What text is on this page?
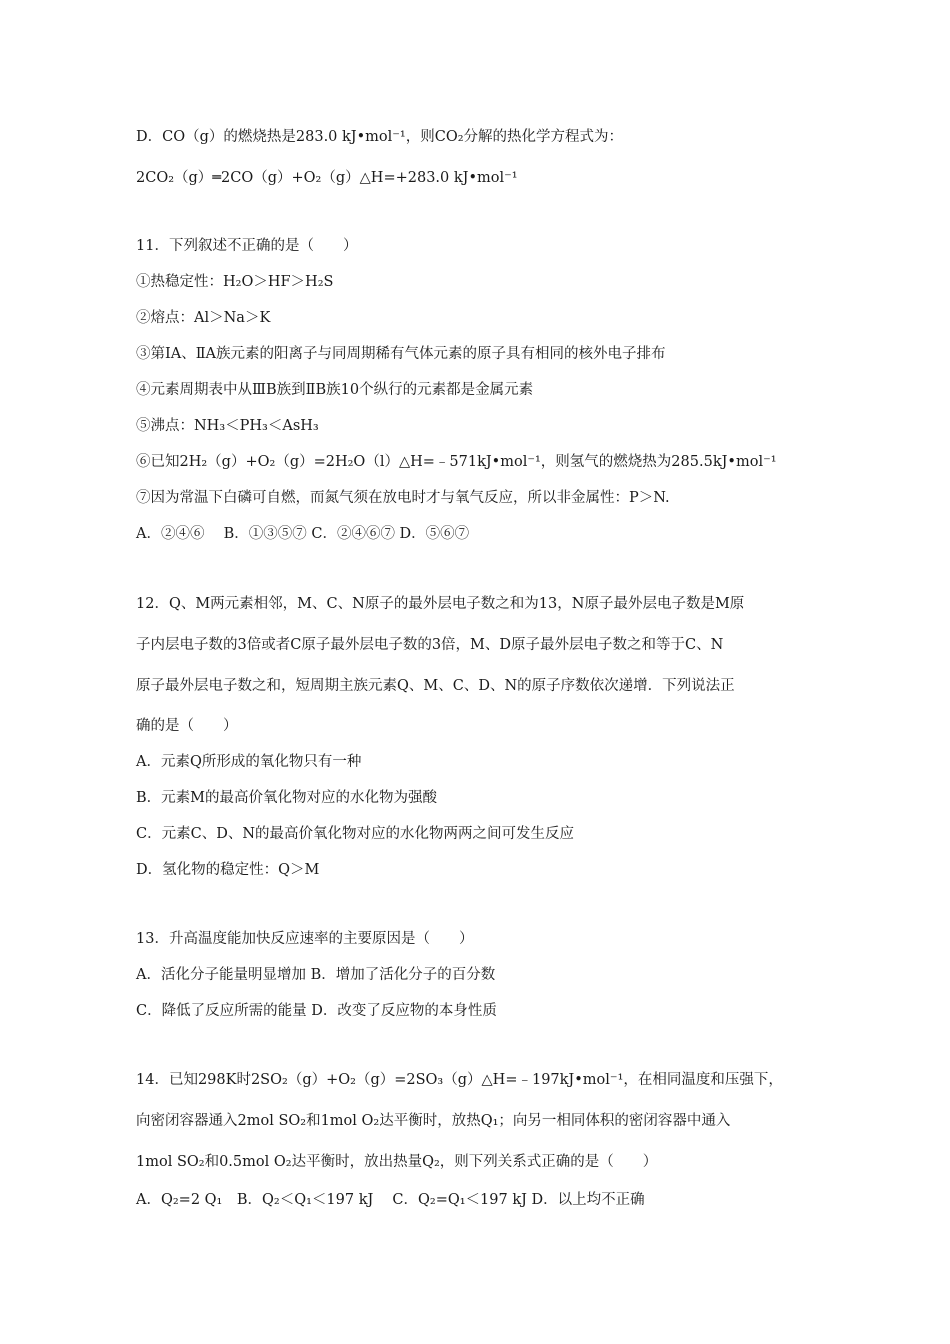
D．CO（g）的燃烧热是283.0 kJ•mol⁻¹，则CO₂分解的热化学方程式为：
2CO₂（g）═2CO（g）+O₂（g）△H=+283.0 kJ•mol⁻¹
11．下列叙述不正确的是（　　）
①热稳定性：H₂O＞HF＞H₂S
②熔点：Al＞Na＞K
③第ⅠA、ⅡA族元素的阳离子与同周期稀有气体元素的原子具有相同的核外电子排布
④元素周期表中从ⅢB族到ⅡB族10个纵行的元素都是金属元素
⑤沸点：NH₃＜PH₃＜AsH₃
⑥已知2H₂（g）+O₂（g）=2H₂O（l）△H=﹣571kJ•mol⁻¹，则氢气的燃烧热为285.5kJ•mol⁻¹
⑦因为常温下白磷可自燃，而氮气须在放电时才与氧气反应，所以非金属性：P＞N.
A．②④⑥　 B．①③⑤⑦ C．②④⑥⑦ D．⑤⑥⑦
12．Q、M两元素相邻，M、C、N原子的最外层电子数之和为13，N原子最外层电子数是M原
子内层电子数的3倍或者C原子最外层电子数的3倍，M、D原子最外层电子数之和等于C、N
原子最外层电子数之和，短周期主族元素Q、M、C、D、N的原子序数依次递增．下列说法正
确的是（　　）
A．元素Q所形成的氧化物只有一种
B．元素M的最高价氧化物对应的水化物为强酸
C．元素C、D、N的最高价氧化物对应的水化物两两之间可发生反应
D．氢化物的稳定性：Q＞M
13．升高温度能加快反应速率的主要原因是（　　）
A．活化分子能量明显增加 B．增加了活化分子的百分数
C．降低了反应所需的能量 D．改变了反应物的本身性质
14．已知298K时2SO₂（g）+O₂（g）=2SO₃（g）△H=﹣197kJ•mol⁻¹，在相同温度和压强下，
向密闭容器通入2mol SO₂和1mol O₂达平衡时，放热Q₁；向另一相同体积的密闭容器中通入
1mol SO₂和0.5mol O₂达平衡时，放出热量Q₂，则下列关系式正确的是（　　）
A．Q₂=2 Q₁　B．Q₂＜Q₁＜197 kJ　 C．Q₂=Q₁＜197 kJ D．以上均不正确
